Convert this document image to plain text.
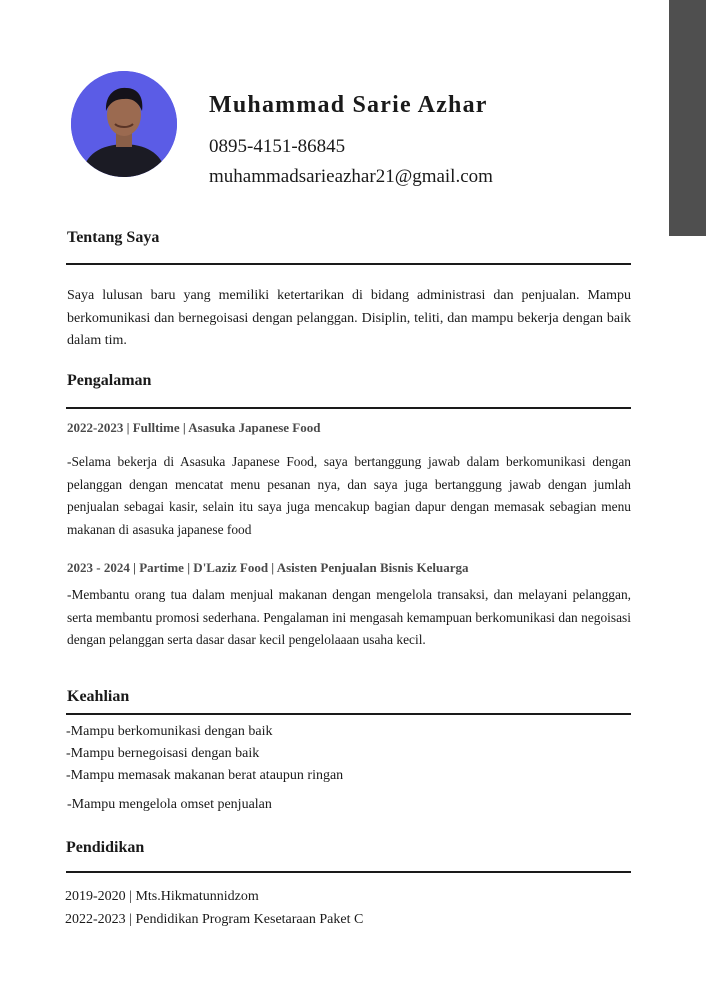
Muhammad Sarie Azhar
0895-4151-86845
muhammadsarieazhar21@gmail.com
Tentang Saya
Saya lulusan baru yang memiliki ketertarikan di bidang administrasi dan penjualan. Mampu berkomunikasi dan bernegoisasi dengan pelanggan. Disiplin, teliti, dan mampu bekerja dengan baik dalam tim.
Pengalaman
2022-2023 | Fulltime | Asasuka Japanese Food
-Selama bekerja di Asasuka Japanese Food, saya bertanggung jawab dalam berkomunikasi dengan pelanggan dengan mencatat menu pesanan nya, dan saya juga bertanggung jawab dengan jumlah penjualan sebagai kasir, selain itu saya juga mencakup bagian dapur dengan memasak sebagian menu makanan di asasuka japanese food
2023 - 2024 | Partime | D'Laziz Food | Asisten Penjualan Bisnis Keluarga
-Membantu orang tua dalam menjual makanan dengan mengelola transaksi, dan melayani pelanggan, serta membantu promosi sederhana. Pengalaman ini mengasah kemampuan berkomunikasi dan negoisasi dengan pelanggan serta dasar dasar kecil pengelolaaan usaha kecil.
Keahlian
-Mampu berkomunikasi dengan baik
-Mampu bernegoisasi dengan baik
-Mampu memasak makanan berat ataupun ringan
-Mampu mengelola omset penjualan
Pendidikan
2019-2020 | Mts.Hikmatunnidzom
2022-2023 | Pendidikan Program Kesetaraan Paket C
